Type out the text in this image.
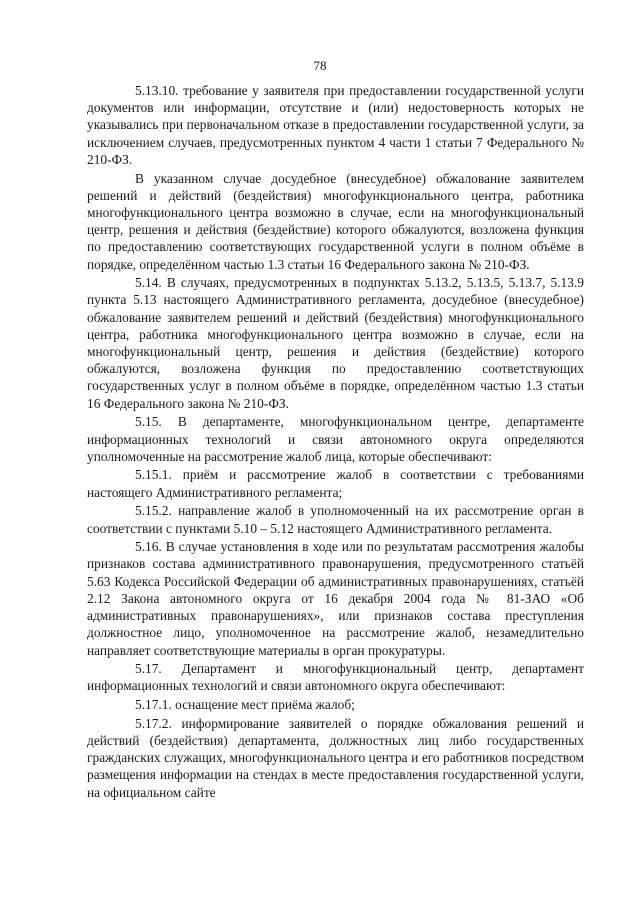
78

5.13.10. требование у заявителя при предоставлении государственной услуги документов или информации, отсутствие и (или) недостоверность которых не указывались при первоначальном отказе в предоставлении государственной услуги, за исключением случаев, предусмотренных пунктом 4 части 1 статьи 7 Федерального № 210-ФЗ.

В указанном случае досудебное (внесудебное) обжалование заявителем решений и действий (бездействия) многофункционального центра, работника многофункционального центра возможно в случае, если на многофункциональный центр, решения и действия (бездействие) которого обжалуются, возложена функция по предоставлению соответствующих государственной услуги в полном объёме в порядке, определённом частью 1.3 статьи 16 Федерального закона № 210-ФЗ.

5.14. В случаях, предусмотренных в подпунктах 5.13.2, 5.13.5, 5.13.7, 5.13.9 пункта 5.13 настоящего Административного регламента, досудебное (внесудебное) обжалование заявителем решений и действий (бездействия) многофункционального центра, работника многофункционального центра возможно в случае, если на многофункциональный центр, решения и действия (бездействие) которого обжалуются, возложена функция по предоставлению соответствующих государственных услуг в полном объёме в порядке, определённом частью 1.3 статьи 16 Федерального закона № 210-ФЗ.

5.15. В департаменте, многофункциональном центре, департаменте информационных технологий и связи автономного округа определяются уполномоченные на рассмотрение жалоб лица, которые обеспечивают:

5.15.1. приём и рассмотрение жалоб в соответствии с требованиями настоящего Административного регламента;

5.15.2. направление жалоб в уполномоченный на их рассмотрение орган в соответствии с пунктами 5.10 – 5.12 настоящего Административного регламента.

5.16. В случае установления в ходе или по результатам рассмотрения жалобы признаков состава административного правонарушения, предусмотренного статьёй 5.63 Кодекса Российской Федерации об административных правонарушениях, статьёй 2.12 Закона автономного округа от 16 декабря 2004 года № 81-ЗАО «Об административных правонарушениях», или признаков состава преступления должностное лицо, уполномоченное на рассмотрение жалоб, незамедлительно направляет соответствующие материалы в орган прокуратуры.

5.17. Департамент и многофункциональный центр, департамент информационных технологий и связи автономного округа обеспечивают:

5.17.1. оснащение мест приёма жалоб;

5.17.2. информирование заявителей о порядке обжалования решений и действий (бездействия) департамента, должностных лиц либо государственных гражданских служащих, многофункционального центра и его работников посредством размещения информации на стендах в месте предоставления государственной услуги, на официальном сайте
